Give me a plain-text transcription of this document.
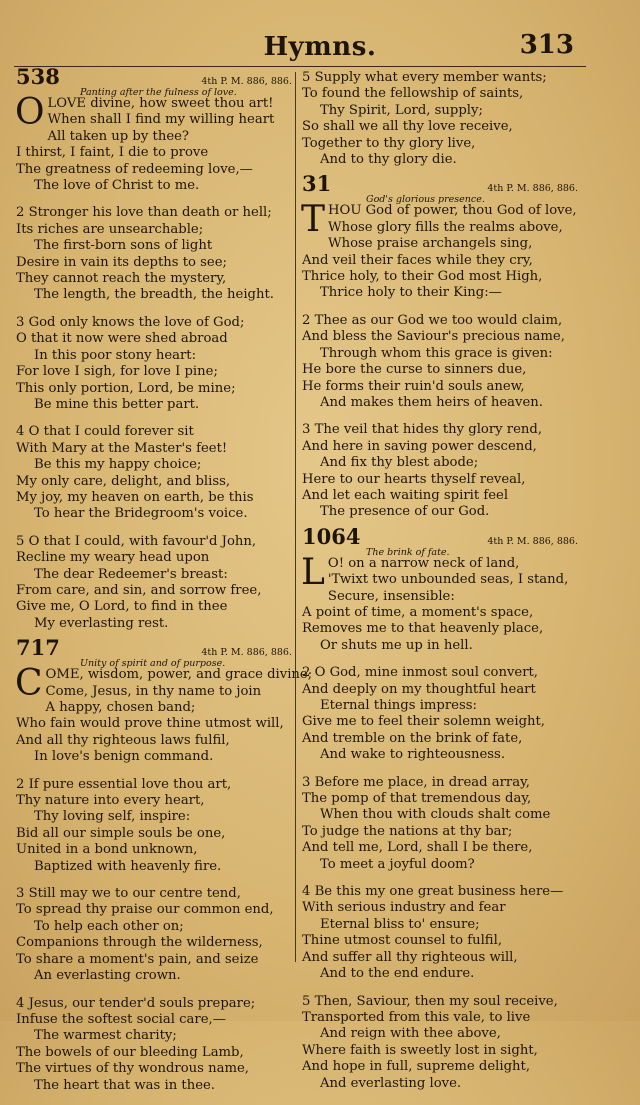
Hymns.	313
538	4th P. M. 886, 886.
Panting after the fulness of love.
O LOVE divine, how sweet thou art!
When shall I find my willing heart
All taken up by thee?
I thirst, I faint, I die to prove
The greatness of redeeming love,—
The love of Christ to me.
2 Stronger his love than death or hell;
Its riches are unsearchable;
The first-born sons of light
Desire in vain its depths to see;
They cannot reach the mystery,
The length, the breadth, the height.
3 God only knows the love of God;
O that it now were shed abroad
In this poor stony heart:
For love I sigh, for love I pine;
This only portion, Lord, be mine;
Be mine this better part.
4 O that I could forever sit
With Mary at the Master's feet!
Be this my happy choice;
My only care, delight, and bliss,
My joy, my heaven on earth, be this
To hear the Bridegroom's voice.
5 O that I could, with favour'd John,
Recline my weary head upon
The dear Redeemer's breast:
From care, and sin, and sorrow free,
Give me, O Lord, to find in thee
My everlasting rest.
717	4th P. M. 886, 886.
Unity of spirit and of purpose.
C OME, wisdom, power, and grace divine;
Come, Jesus, in thy name to join
A happy, chosen band;
Who fain would prove thine utmost will,
And all thy righteous laws fulfil,
In love's benign command.
2 If pure essential love thou art,
Thy nature into every heart,
Thy loving self, inspire:
Bid all our simple souls be one,
United in a bond unknown,
Baptized with heavenly fire.
3 Still may we to our centre tend,
To spread thy praise our common end,
To help each other on;
Companions through the wilderness,
To share a moment's pain, and seize
An everlasting crown.
4 Jesus, our tender'd souls prepare;
Infuse the softest social care,—
The warmest charity;
The bowels of our bleeding Lamb,
The virtues of thy wondrous name,
The heart that was in thee.
5 Supply what every member wants;
To found the fellowship of saints,
Thy Spirit, Lord, supply;
So shall we all thy love receive,
Together to thy glory live,
And to thy glory die.
31	4th P. M. 886, 886.
God's glorious presence.
T HOU God of power, thou God of love,
Whose glory fills the realms above,
Whose praise archangels sing,
And veil their faces while they cry,
Thrice holy, to their God most High,
Thrice holy to their King:—
2 Thee as our God we too would claim,
And bless the Saviour's precious name,
Through whom this grace is given:
He bore the curse to sinners due,
He forms their ruin'd souls anew,
And makes them heirs of heaven.
3 The veil that hides thy glory rend,
And here in saving power descend,
And fix thy blest abode;
Here to our hearts thyself reveal,
And let each waiting spirit feel
The presence of our God.
1064	4th P. M. 886, 886.
The brink of fate.
L O! on a narrow neck of land,
'Twixt two unbounded seas, I stand,
Secure, insensible:
A point of time, a moment's space,
Removes me to that heavenly place,
Or shuts me up in hell.
2 O God, mine inmost soul convert,
And deeply on my thoughtful heart
Eternal things impress:
Give me to feel their solemn weight,
And tremble on the brink of fate,
And wake to righteousness.
3 Before me place, in dread array,
The pomp of that tremendous day,
When thou with clouds shalt come
To judge the nations at thy bar;
And tell me, Lord, shall I be there,
To meet a joyful doom?
4 Be this my one great business here—
With serious industry and fear
Eternal bliss to' ensure;
Thine utmost counsel to fulfil,
And suffer all thy righteous will,
And to the end endure.
5 Then, Saviour, then my soul receive,
Transported from this vale, to live
And reign with thee above,
Where faith is sweetly lost in sight,
And hope in full, supreme delight,
And everlasting love.
